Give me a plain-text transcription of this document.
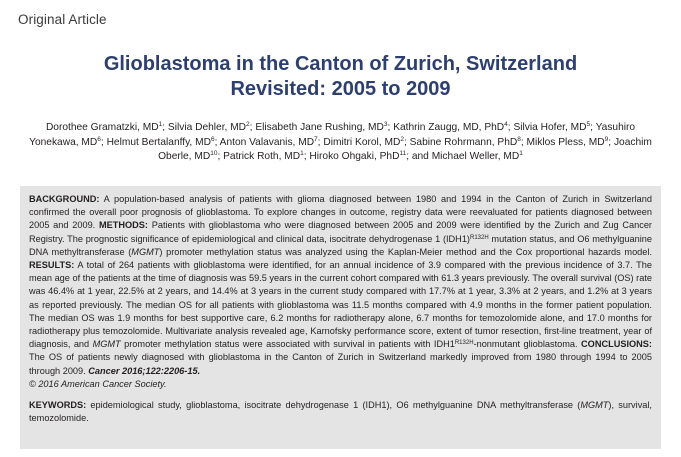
Original Article
Glioblastoma in the Canton of Zurich, Switzerland
Revisited: 2005 to 2009
Dorothee Gramatzki, $MD^1$; Silvia Dehler, $MD^2$; Elisabeth Jane Rushing, $MD^3$; Kathrin Zaugg, MD, PhD$^4$; Silvia Hofer, $MD^5$; Yasuhiro Yonekawa, $MD^6$; Helmut Bertalanffy, $MD^6$; Anton Valavanis, $MD^7$; Dimitri Korol, $MD^2$; Sabine Rohrmann, PhD$^8$; Miklos Pless, $MD^9$; Joachim Oberle, MD$^{10}$; Patrick Roth, $MD^1$; Hiroko Ohgaki, PhD$^{11}$; and Michael Weller, $MD^1$

BACKGROUND: A population-based analysis of patients with glioma diagnosed between 1980 and 1994 in the Canton of Zurich in Switzerland confirmed the overall poor prognosis of glioblastoma. To explore changes in outcome, registry data were reevaluated for patients diagnosed between 2005 and 2009. METHODS: Patients with glioblastoma who were diagnosed between 2005 and 2009 were identified by the Zurich and Zug Cancer Registry. The prognostic significance of epidemiological and clinical data, isocitrate dehydrogenase 1 $(IDH1)^{R132H}$ mutation status, and O6 methylguanine DNA methyltransferase (MGMT) promoter methylation status was analyzed using the Kaplan-Meier method and the Cox proportional hazards model. RESULTS: A total of 264 patients with glioblastoma were identified, for an annual incidence of 3.9 compared with the previous incidence of 3.7. The mean age of the patients at the time of diagnosis was 59.5 years in the current cohort compared with 61.3 years previously. The overall survival (OS) rate was 46.4% at 1 year, 22.5% at 2 years, and 14.4% at 3 years in the current study compared with 17.7% at 1 year, 3.3% at 2 years, and 1.2% at 3 years as reported previously. The median OS for all patients with glioblastoma was 11.5 months compared with 4.9 months in the former patient population. The median OS was 1.9 months for best supportive care, 6.2 months for radiotherapy alone, 6.7 months for temozolomide alone, and 17.0 months for radiotherapy plus temozolomide. Multivariate analysis revealed age, Karnofsky performance score, extent of tumor resection, first-line treatment, year of diagnosis, and MGMT promoter methylation status were associated with survival in patients with $IDH1^{R132H}$-nonmutant glioblastoma. CONCLUSIONS: The OS of patients newly diagnosed with glioblastoma in the Canton of Zurich in Switzerland markedly improved from 1980 through 1994 to 2005 through 2009. Cancer 2016;122:2206-15.
© 2016 American Cancer Society.

KEYWORDS: epidemiological study, glioblastoma, isocitrate dehydrogenase 1 (IDH1), O6 methylguanine DNA methyltransferase (MGMT), survival, temozolomide.
